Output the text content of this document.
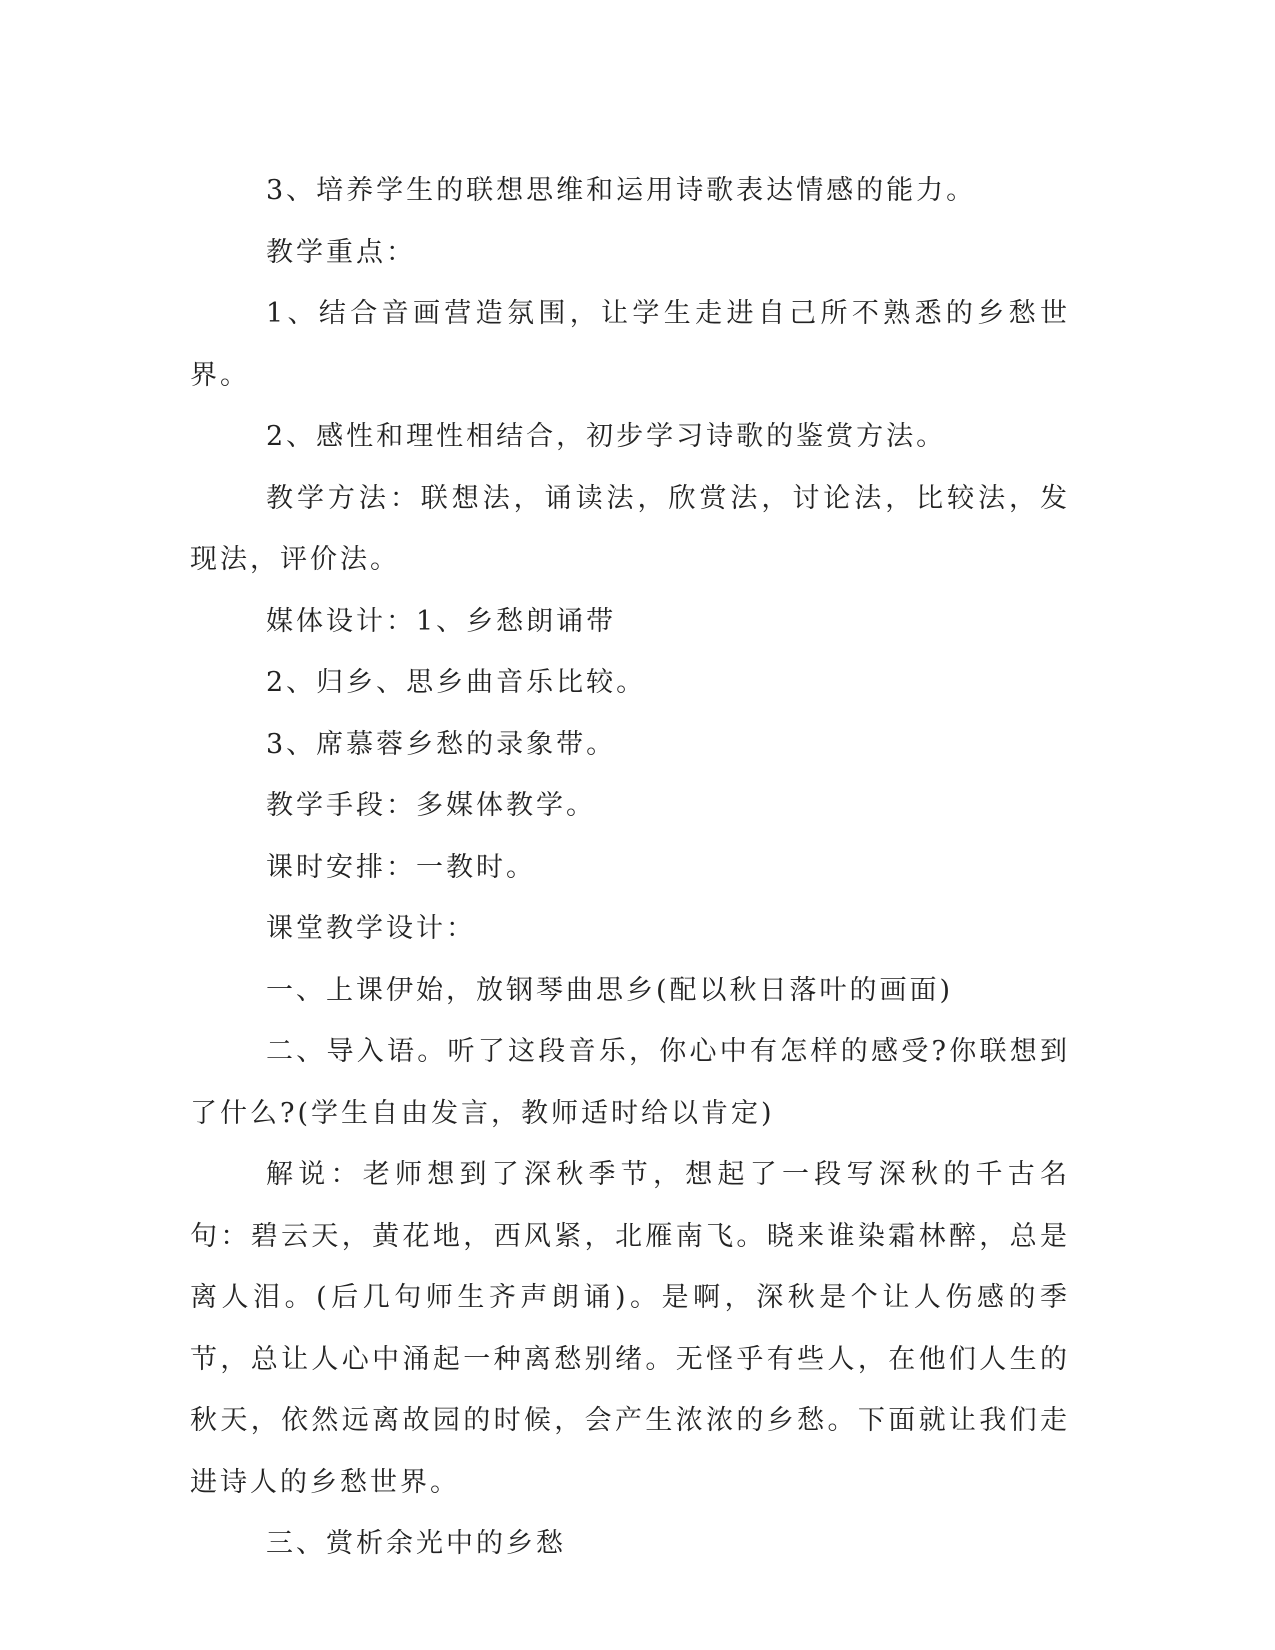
3、培养学生的联想思维和运用诗歌表达情感的能力。

教学重点：

1、结合音画营造氛围，让学生走进自己所不熟悉的乡愁世界。

2、感性和理性相结合，初步学习诗歌的鉴赏方法。

教学方法：联想法，诵读法，欣赏法，讨论法，比较法，发现法，评价法。

媒体设计：1、乡愁朗诵带

2、归乡、思乡曲音乐比较。

3、席慕蓉乡愁的录象带。

教学手段：多媒体教学。

课时安排：一教时。

课堂教学设计：

一、上课伊始，放钢琴曲思乡(配以秋日落叶的画面)

二、导入语。听了这段音乐，你心中有怎样的感受?你联想到了什么?(学生自由发言，教师适时给以肯定)

解说：老师想到了深秋季节，想起了一段写深秋的千古名句：碧云天，黄花地，西风紧，北雁南飞。晓来谁染霜林醉，总是离人泪。(后几句师生齐声朗诵)。是啊，深秋是个让人伤感的季节，总让人心中涌起一种离愁别绪。无怪乎有些人，在他们人生的秋天，依然远离故园的时候，会产生浓浓的乡愁。下面就让我们走进诗人的乡愁世界。

三、赏析余光中的乡愁
